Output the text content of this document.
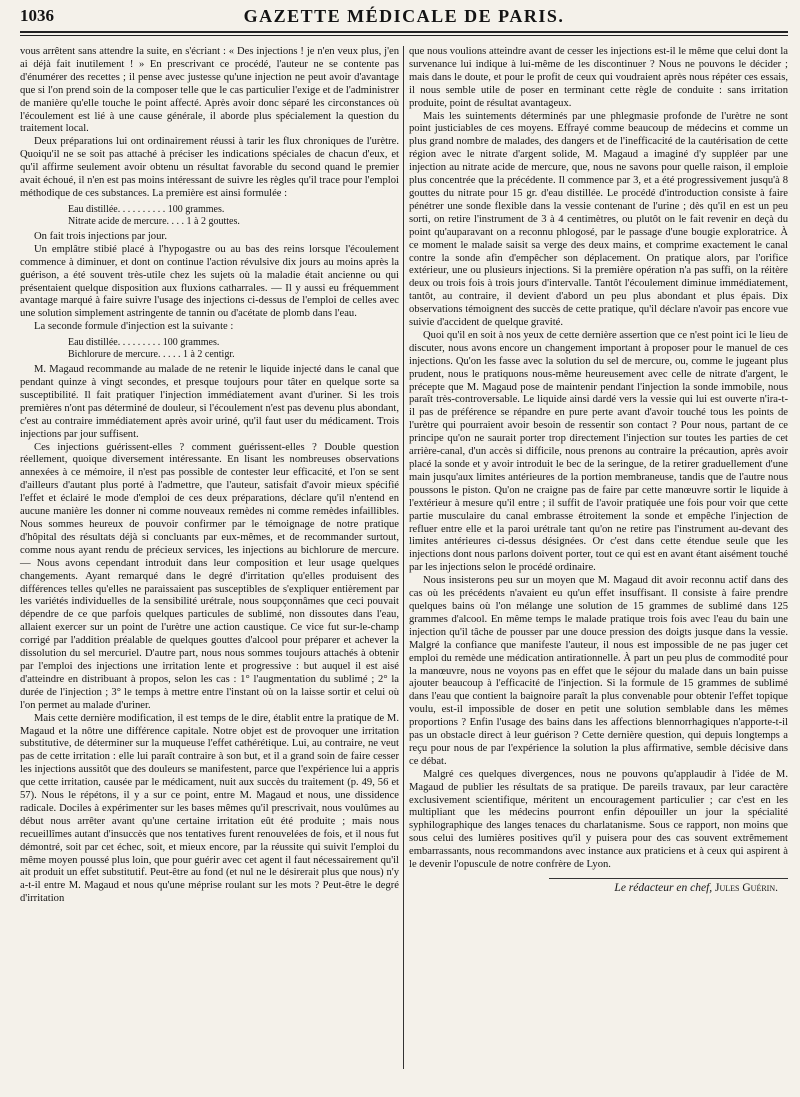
1036	GAZETTE MÉDICALE DE PARIS.

vous arrêtent sans attendre la suite, en s'écriant : « Des injections ! je n'en veux plus, j'en ai déjà fait inutilement ! » En prescrivant ce procédé, l'auteur ne se contente pas d'énumérer des recettes ; il pense avec justesse qu'une injection ne peut avoir d'avantage que si l'on prend soin de la composer telle que le cas particulier l'exige et de l'administrer de manière qu'elle touche le point affecté. Après avoir donc séparé les circonstances où l'écoulement est lié à une cause générale, il aborde plus spécialement la question du traitement local.

Deux préparations lui ont ordinairement réussi à tarir les flux chroniques de l'urètre. Quoiqu'il ne se soit pas attaché à préciser les indications spéciales de chacun d'eux, et qu'il affirme seulement avoir obtenu un résultat favorable du second quand le premier avait échoué, il n'en est pas moins intéressant de suivre les règles qu'il trace pour l'emploi méthodique de ces substances. La première est ainsi formulée :

Eau distillée. . . . . . . . . . 100 grammes.
Nitrate acide de mercure. . . . 1 à 2 gouttes.

On fait trois injections par jour.

Un emplâtre stibié placé à l'hypogastre ou au bas des reins lorsque l'écoulement commence à diminuer, et dont on continue l'action révulsive dix jours au moins après la guérison, a été souvent très-utile chez les sujets où la maladie était ancienne ou qui présentaient quelque disposition aux fluxions catharrales. — Il y aussi eu fréquemment avantage marqué à faire suivre l'usage des injections ci-dessus de l'emploi de celles avec une solution simplement astringente de tannin ou d'acétate de plomb dans l'eau.

La seconde formule d'injection est la suivante :

Eau distillée. . . . . . . . . 100 grammes.
Bichlorure de mercure. . . . . 1 à 2 centigr.

M. Magaud recommande au malade de ne retenir le liquide injecté dans le canal que pendant quinze à vingt secondes, et presque toujours pour tâter en quelque sorte sa susceptibilité. Il fait pratiquer l'injection immédiatement avant d'uriner. Si les trois premières n'ont pas déterminé de douleur, si l'écoulement n'est pas devenu plus abondant, c'est au contraire immédiatement après avoir uriné, qu'il faut user du médicament. Trois injections par jour suffisent.

Ces injections guérissent-elles ? comment guérissent-elles ? Double question réellement, quoique diversement intéressante. En lisant les nombreuses observations annexées à ce mémoire, il n'est pas possible de contester leur efficacité, et l'on se sent d'ailleurs d'autant plus porté à l'admettre, que l'auteur, satisfait d'avoir mieux spécifié l'effet et éclairé le mode d'emploi de ces deux préparations, déclare qu'il n'entend en aucune manière les donner ni comme nouveaux remèdes ni comme remèdes infaillibles. Nous sommes heureux de pouvoir confirmer par le témoignage de notre pratique d'hôpital des résultats déjà si concluants par eux-mêmes, et de recommander surtout, comme nous ayant rendu de précieux services, les injections au bichlorure de mercure. — Nous avons cependant introduit dans leur composition et leur usage quelques changements. Ayant remarqué dans le degré d'irritation qu'elles produisent des différences telles qu'elles ne paraissaient pas susceptibles de s'expliquer entièrement par les variétés individuelles de la sensibilité urétrale, nous soupçonnâmes que ceci pouvait dépendre de ce que parfois quelques particules de sublimé, non dissoutes dans l'eau, allaient exercer sur un point de l'urètre une action caustique. Ce vice fut sur-le-champ corrigé par l'addition préalable de quelques gouttes d'alcool pour préparer et achever la dissolution du sel mercuriel. D'autre part, nous nous sommes toujours attachés à obtenir par l'emploi des injections une irritation lente et progressive : but auquel il est aisé d'atteindre en distribuant à propos, selon les cas : 1° l'augmentation du sublimé ; 2° la durée de l'injection ; 3° le temps à mettre entre l'instant où on la laisse sortir et celui où l'on permet au malade d'uriner.

Mais cette dernière modification, il est temps de le dire, établit entre la pratique de M. Magaud et la nôtre une différence capitale. Notre objet est de provoquer une irritation substitutive, de déterminer sur la muqueuse l'effet cathérétique. Lui, au contraire, ne veut pas de cette irritation : elle lui paraît contraire à son but, et il a grand soin de faire cesser les injections aussitôt que des douleurs se manifestent, parce que l'expérience lui a appris que cette irritation, causée par le médicament, nuit aux succès du traitement (p. 49, 56 et 57). Nous le répétons, il y a sur ce point, entre M. Magaud et nous, une dissidence radicale. Dociles à expérimenter sur les bases mêmes qu'il prescrivait, nous voulûmes au début nous arrêter avant qu'une certaine irritation eût été produite ; mais nous recueillîmes autant d'insuccès que nos tentatives furent renouvelées de fois, et il nous fut démontré, soit par cet échec, soit, et mieux encore, par la réussite qui suivit l'emploi du même moyen poussé plus loin, que pour guérir avec cet agent il faut nécessairement qu'il ait produit un effet substitutif. Peut-être au fond (et nul ne le désirerait plus que nous) n'y a-t-il entre M. Magaud et nous qu'une méprise roulant sur les mots ? Peut-être le degré d'irritation

que nous voulions atteindre avant de cesser les injections est-il le même que celui dont la survenance lui indique à lui-même de les discontinuer ? Nous ne pouvons le décider ; mais dans le doute, et pour le profit de ceux qui voudraient après nous répéter ces essais, il nous semble utile de poser en terminant cette règle de conduite : sans irritation produite, point de résultat avantageux.

Mais les suintements déterminés par une phlegmasie profonde de l'urètre ne sont point justiciables de ces moyens. Effrayé comme beaucoup de médecins et comme un plus grand nombre de malades, des dangers et de l'inefficacité de la cautérisation de cette région avec le nitrate d'argent solide, M. Magaud a imaginé d'y suppléer par une injection au nitrate acide de mercure, que, nous ne savons pour quelle raison, il emploie plus concentrée que la précédente. Il commence par 3, et a été progressivement jusqu'à 8 gouttes du nitrate pour 15 gr. d'eau distillée. Le procédé d'introduction consiste à faire pénétrer une sonde flexible dans la vessie contenant de l'urine ; dès qu'il en est un peu sorti, on retire l'instrument de 3 à 4 centimètres, ou plutôt on le fait revenir en deçà du point qu'auparavant on a reconnu phlogosé, par le passage d'une bougie exploratrice. À ce moment le malade saisit sa verge des deux mains, et comprime exactement le canal contre la sonde afin d'empêcher son déplacement. On pratique alors, par l'orifice extérieur, une ou plusieurs injections. Si la première opération n'a pas suffi, on la réitère deux ou trois fois à trois jours d'intervalle. Tantôt l'écoulement diminue immédiatement, tantôt, au contraire, il devient d'abord un peu plus abondant et plus épais. Dix observations témoignent des succès de cette pratique, qu'il déclare n'avoir pas encore vue suivie d'accident de quelque gravité.

Quoi qu'il en soit à nos yeux de cette dernière assertion que ce n'est point ici le lieu de discuter, nous avons encore un changement important à proposer pour le manuel de ces injections. Qu'on les fasse avec la solution du sel de mercure, ou, comme le jugeant plus prudent, nous le pratiquons nous-même heureusement avec celle de nitrate d'argent, le précepte que M. Magaud pose de maintenir pendant l'injection la sonde immobile, nous paraît très-controversable. Le liquide ainsi dardé vers la vessie qui lui est ouverte n'ira-t-il pas de préférence se répandre en pure perte avant d'avoir touché tous les points de l'urètre qui pourraient avoir besoin de ressentir son contact ? Pour nous, partant de ce principe qu'on ne saurait porter trop directement l'injection sur toutes les parties de cet arrière-canal, d'un accès si difficile, nous prenons au contraire la précaution, après avoir placé la sonde et y avoir introduit le bec de la seringue, de la retirer graduellement d'une main jusqu'aux limites antérieures de la portion membraneuse, tandis que de l'autre nous poussons le piston. Qu'on ne craigne pas de faire par cette manœuvre sortir le liquide à l'extérieur à mesure qu'il entre ; il suffit de l'avoir pratiquée une fois pour voir que cette partie musculaire du canal embrasse étroitement la sonde et empêche l'injection de refluer entre elle et la paroi urétrale tant qu'on ne retire pas l'instrument au-devant des limites antérieures ci-dessus désignées. Or c'est dans cette étendue seule que les injections dont nous parlons doivent porter, tout ce qui est en avant étant aisément touché par les injections selon le procédé ordinaire.

Nous insisterons peu sur un moyen que M. Magaud dit avoir reconnu actif dans des cas où les précédents n'avaient eu qu'un effet insuffisant. Il consiste à faire prendre quelques bains où l'on mélange une solution de 15 grammes de sublimé dans 125 grammes d'alcool. En même temps le malade pratique trois fois avec l'eau du bain une injection qu'il tâche de pousser par une douce pression des doigts jusque dans la vessie. Malgré la confiance que manifeste l'auteur, il nous est impossible de ne pas juger cet emploi du remède une médication antirationnelle. À part un peu plus de commodité pour la manœuvre, nous ne voyons pas en effet que le séjour du malade dans un bain puisse ajouter beaucoup à l'efficacité de l'injection. Si la formule de 15 grammes de sublimé dans l'eau que contient la baignoire paraît la plus convenable pour obtenir l'effet topique voulu, est-il impossible de doser en petit une solution semblable dans les mêmes proportions ? Enfin l'usage des bains dans les affections blennorrhagiques n'apporte-t-il pas un obstacle direct à leur guérison ? Cette dernière question, qui depuis longtemps a reçu pour nous de par l'expérience la solution la plus affirmative, semble décisive dans ce débat.

Malgré ces quelques divergences, nous ne pouvons qu'applaudir à l'idée de M. Magaud de publier les résultats de sa pratique. De pareils travaux, par leur caractère exclusivement scientifique, méritent un encouragement particulier ; car c'est en les multipliant que les médecins pourront enfin dépouiller un jour la spécialité syphilographique des langes tenaces du charlatanisme. Sous ce rapport, non moins que sous celui des lumières positives qu'il y puisera pour des cas souvent extrêmement embarrassants, nous recommandons avec instance aux praticiens et à ceux qui aspirent à le devenir l'opuscule de notre confrère de Lyon.

Le rédacteur en chef, Jules Guérin.
